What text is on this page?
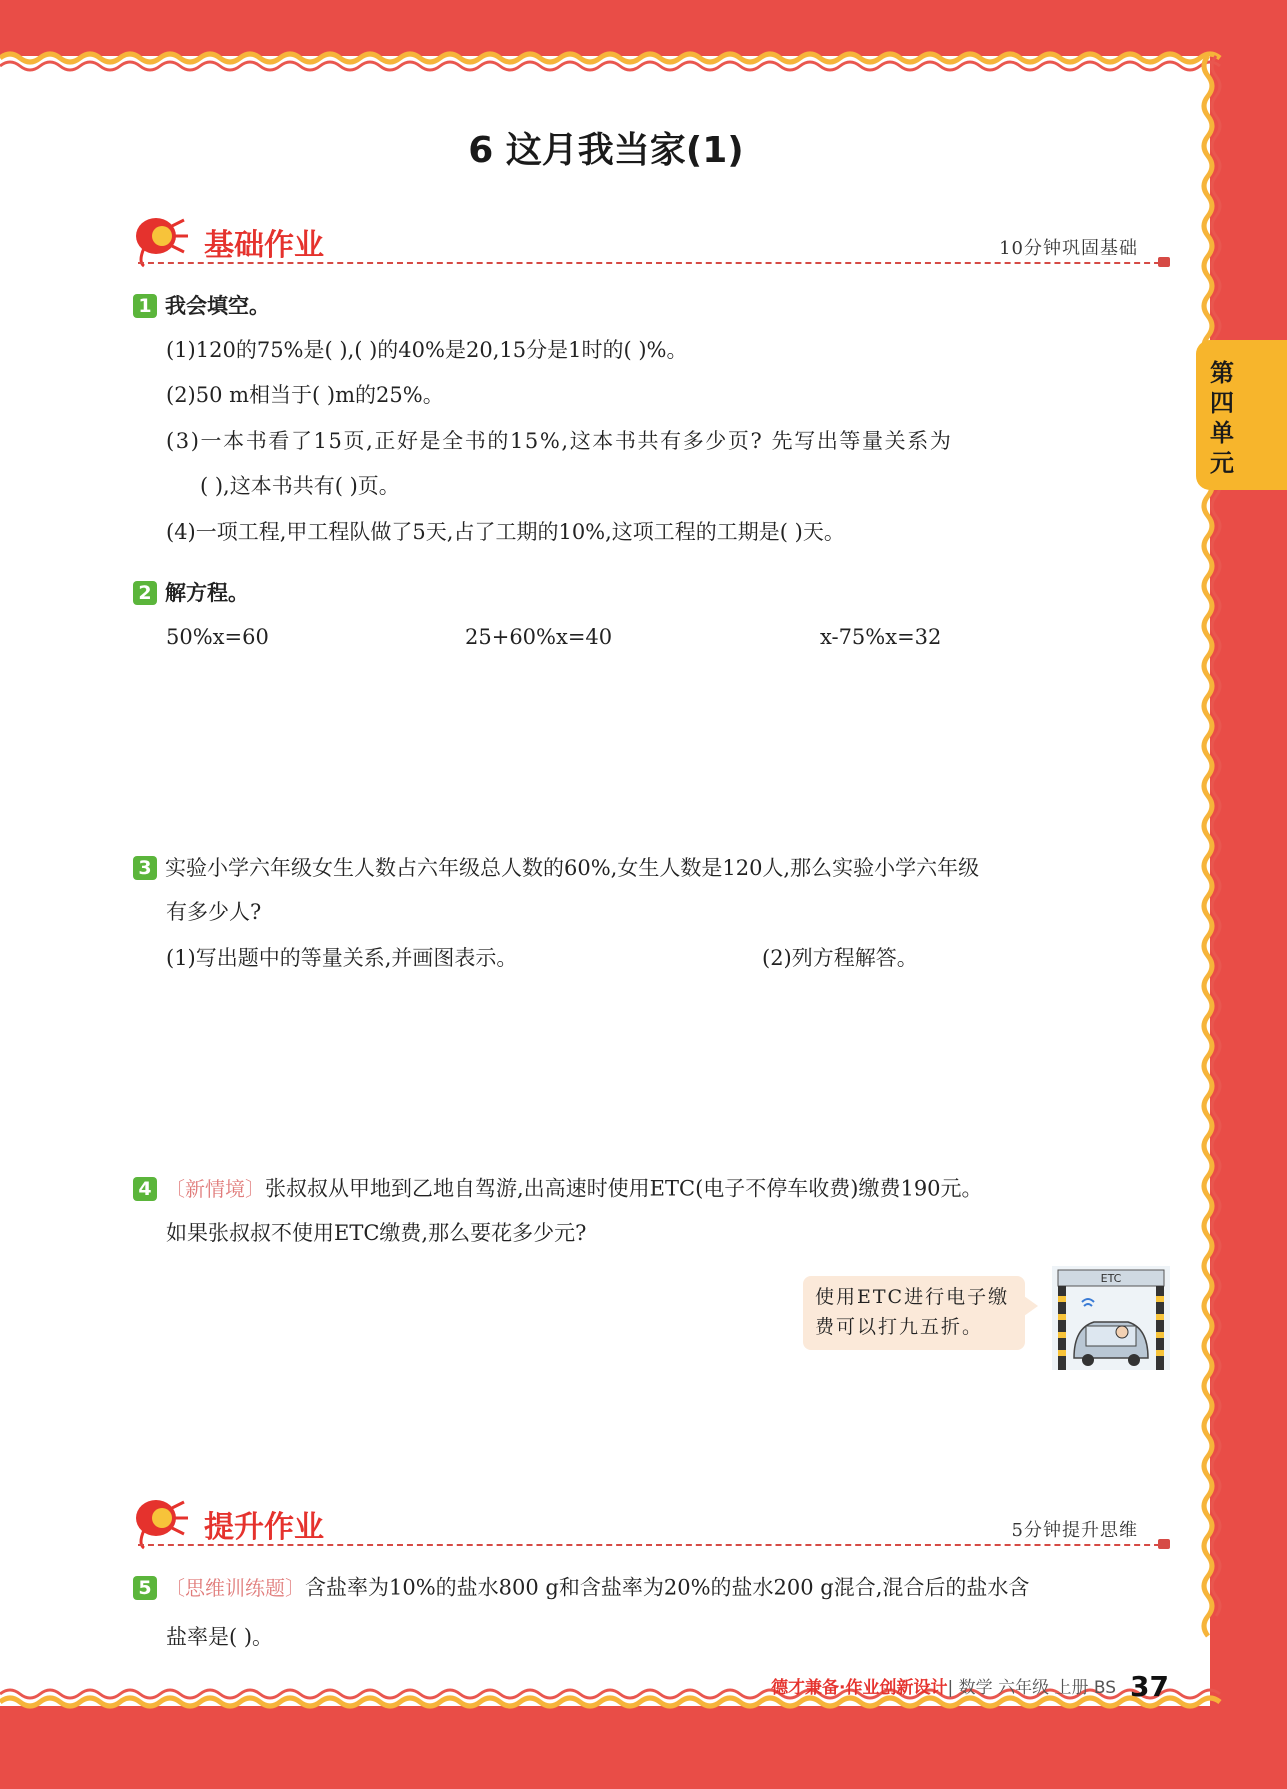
6 这月我当家(1)
第四单元
基础作业	10分钟巩固基础
1 我会填空。
(1)120的75%是( ),( )的40%是20,15分是1时的( )%。
(2)50 m相当于( )m的25%。
(3)一本书看了15页,正好是全书的15%,这本书共有多少页? 先写出等量关系为
( ),这本书共有( )页。
(4)一项工程,甲工程队做了5天,占了工期的10%,这项工程的工期是( )天。
2 解方程。
50%x=60	25+60%x=40	x-75%x=32
3 实验小学六年级女生人数占六年级总人数的60%,女生人数是120人,那么实验小学六年级
有多少人?
(1)写出题中的等量关系,并画图表示。	(2)列方程解答。
4 〔新情境〕张叔叔从甲地到乙地自驾游,出高速时使用ETC(电子不停车收费)缴费190元。
如果张叔叔不使用ETC缴费,那么要花多少元?
使用ETC进行电子缴费可以打九五折。
ETC
提升作业	5分钟提升思维
5 〔思维训练题〕含盐率为10%的盐水800 g和含盐率为20%的盐水200 g混合,混合后的盐水含
盐率是( )。
德才兼备·作业创新设计| 数学 六年级 上册 BS 37
